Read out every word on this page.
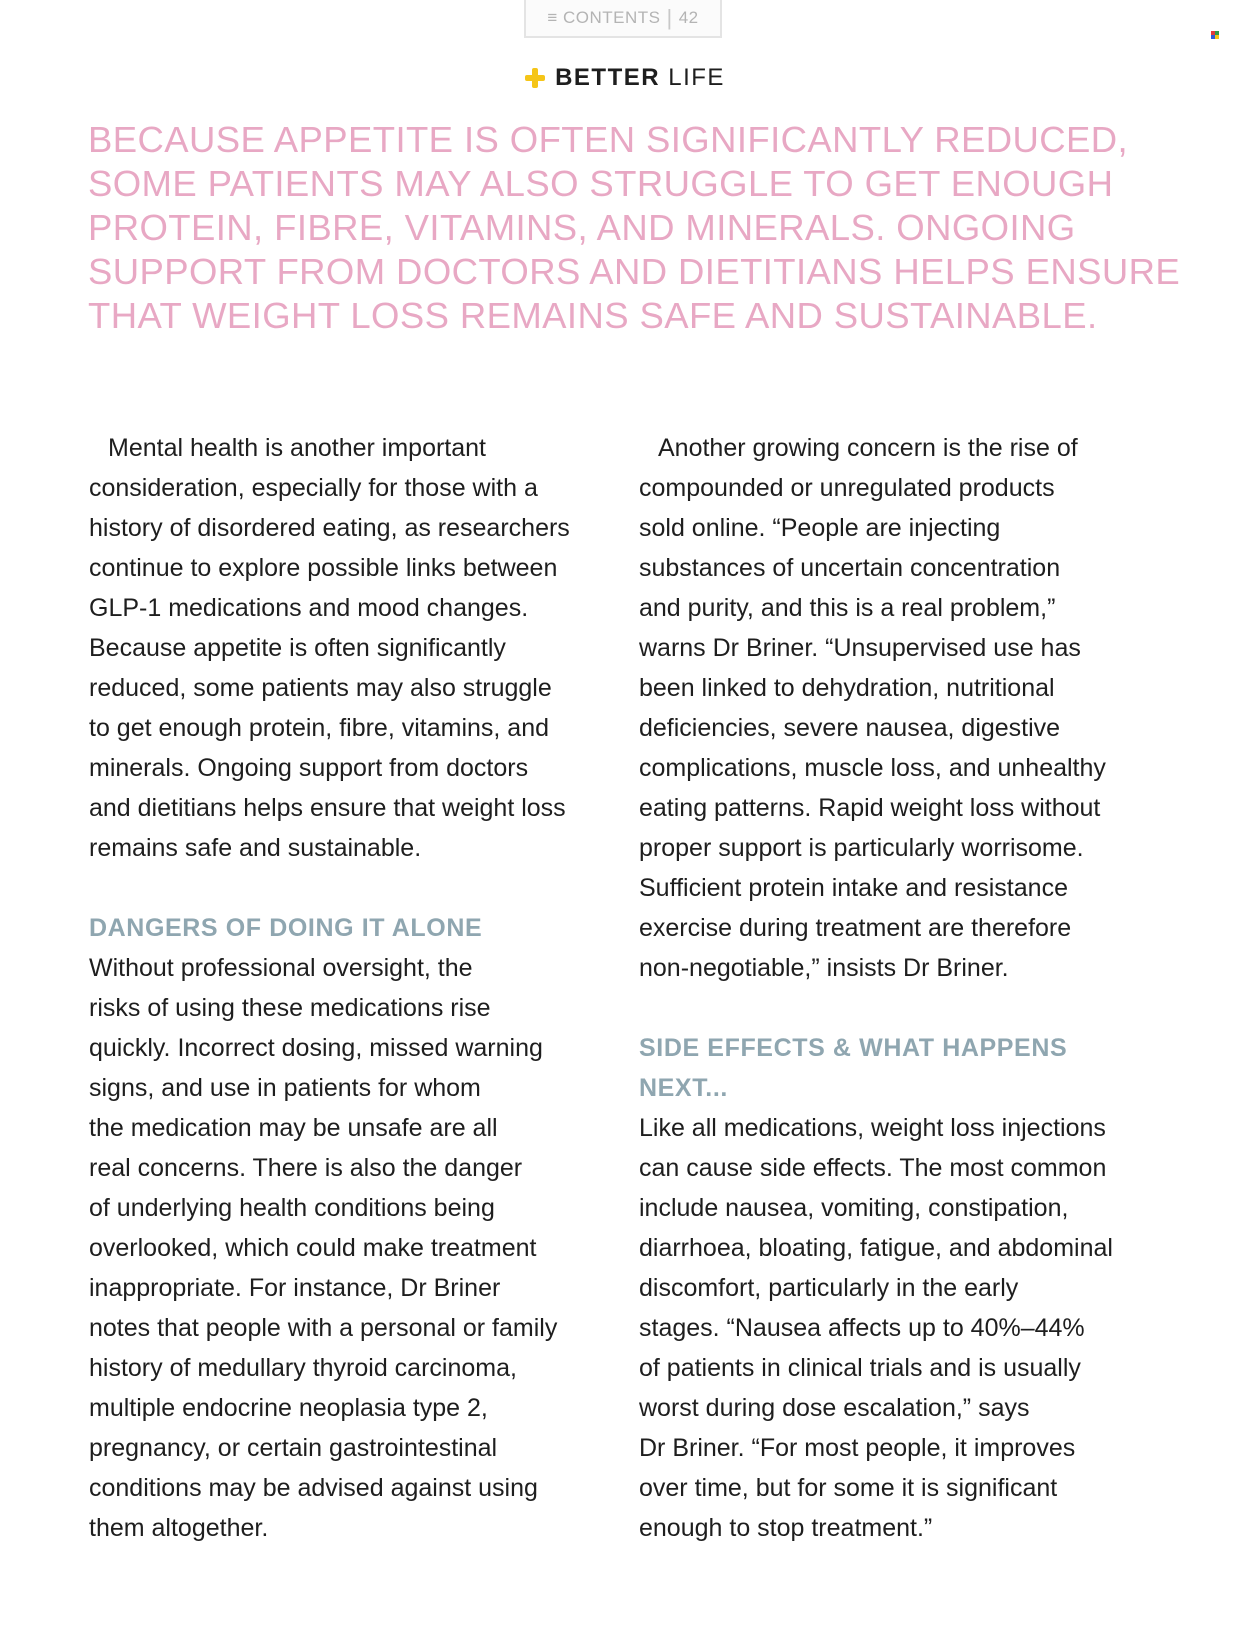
≡ CONTENTS | 42
BETTER LIFE

BECAUSE APPETITE IS OFTEN SIGNIFICANTLY REDUCED, SOME PATIENTS MAY ALSO STRUGGLE TO GET ENOUGH PROTEIN, FIBRE, VITAMINS, AND MINERALS. ONGOING SUPPORT FROM DOCTORS AND DIETITIANS HELPS ENSURE THAT WEIGHT LOSS REMAINS SAFE AND SUSTAINABLE.

Mental health is another important
consideration, especially for those with a
history of disordered eating, as researchers
continue to explore possible links between
GLP-1 medications and mood changes.
Because appetite is often significantly
reduced, some patients may also struggle
to get enough protein, fibre, vitamins, and
minerals. Ongoing support from doctors
and dietitians helps ensure that weight loss
remains safe and sustainable.

DANGERS OF DOING IT ALONE

Without professional oversight, the
risks of using these medications rise
quickly. Incorrect dosing, missed warning
signs, and use in patients for whom
the medication may be unsafe are all
real concerns. There is also the danger
of underlying health conditions being
overlooked, which could make treatment
inappropriate. For instance, Dr Briner
notes that people with a personal or family
history of medullary thyroid carcinoma,
multiple endocrine neoplasia type 2,
pregnancy, or certain gastrointestinal
conditions may be advised against using
them altogether.

Another growing concern is the rise of
compounded or unregulated products
sold online. “People are injecting
substances of uncertain concentration
and purity, and this is a real problem,”
warns Dr Briner. “Unsupervised use has
been linked to dehydration, nutritional
deficiencies, severe nausea, digestive
complications, muscle loss, and unhealthy
eating patterns. Rapid weight loss without
proper support is particularly worrisome.
Sufficient protein intake and resistance
exercise during treatment are therefore
non-negotiable,” insists Dr Briner.

SIDE EFFECTS & WHAT HAPPENS
NEXT...

Like all medications, weight loss injections
can cause side effects. The most common
include nausea, vomiting, constipation,
diarrhoea, bloating, fatigue, and abdominal
discomfort, particularly in the early
stages. “Nausea affects up to 40%–44%
of patients in clinical trials and is usually
worst during dose escalation,” says
Dr Briner. “For most people, it improves
over time, but for some it is significant
enough to stop treatment.”
